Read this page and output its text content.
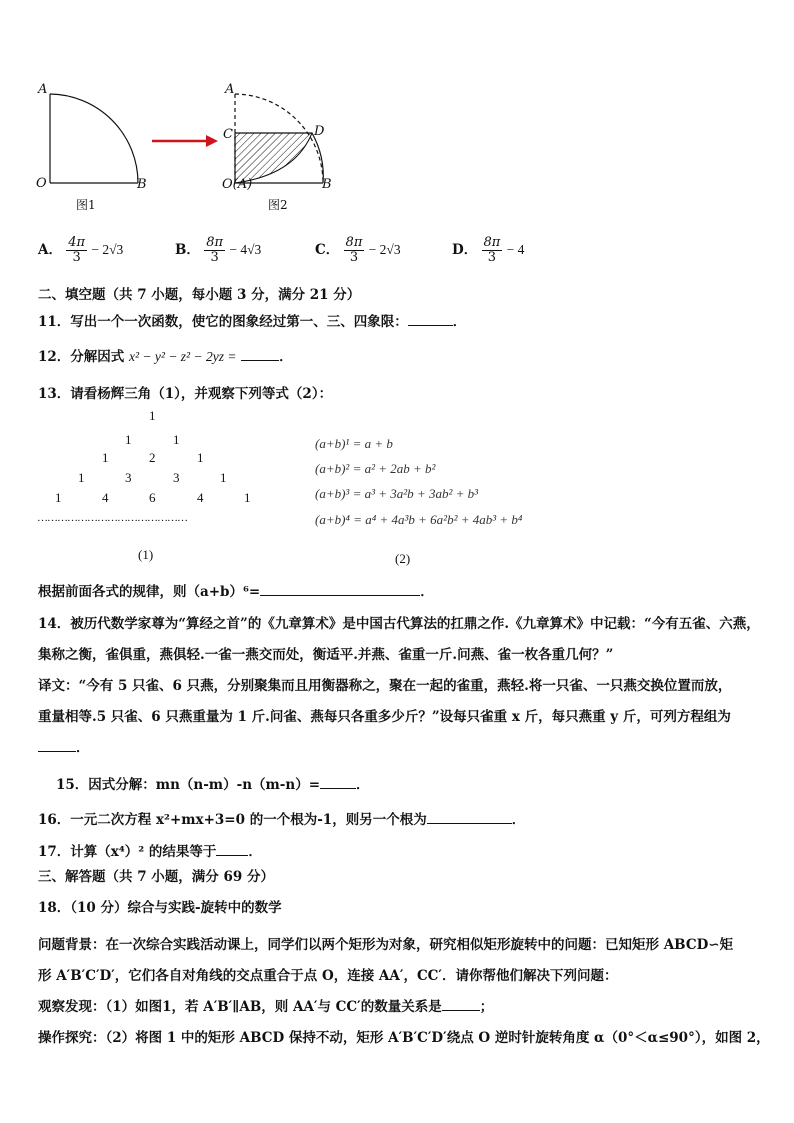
A
O	B
图1
A
C	D
O(A)	B
图2
A． $\frac{4\pi}{3} - 2√3$	B． $\frac{8\pi}{3} - 4√3$	C． $\frac{8\pi}{3} - 2√3$	D． $\frac{8\pi}{3} - 4$
二、填空题（共 7 小题，每小题 3 分，满分 21 分）
11．写出一个一次函数，使它的图象经过第一、三、四象限：	．
12．分解因式 x² − y² − z² − 2yz =	．
13．请看杨辉三角（1），并观察下列等式（2）：
1
1	1
1	2	1
1	3	3	1
1	4	6	4	1
………………………………………
(1)	(2)
(a+b)¹ = a + b
(a+b)² = a² + 2ab + b²
(a+b)³ = a³ + 3a²b + 3ab² + b³
(a+b)⁴ = a⁴ + 4a³b + 6a²b² + 4ab³ + b⁴
根据前面各式的规律，则（a+b）⁶=	．
14．被历代数学家尊为“算经之首”的《九章算术》是中国古代算法的扛鼎之作.《九章算术》中记载：“今有五雀、六燕，
集称之衡，雀俱重，燕俱轻.一雀一燕交而处，衡适平.并燕、雀重一斤.问燕、雀一枚各重几何？”
译文：“今有 5 只雀、6 只燕，分别聚集而且用衡器称之，聚在一起的雀重，燕轻.将一只雀、一只燕交换位置而放，
重量相等.5 只雀、6 只燕重量为 1 斤.问雀、燕每只各重多少斤？”设每只雀重 x 斤，每只燕重 y 斤，可列方程组为
．
15．因式分解：mn（n-m）-n（m-n）=	．
16．一元二次方程 x²+mx+3=0 的一个根为-1，则另一个根为	．
17．计算（x⁴）² 的结果等于 ．
三、解答题（共 7 小题，满分 69 分）
18．（10 分）综合与实践-旋转中的数学
问题背景：在一次综合实践活动课上，同学们以两个矩形为对象，研究相似矩形旋转中的问题：已知矩形 ABCD∽矩
形 A′B′C′D′，它们各自对角线的交点重合于点 O，连接 AA′，CC′．请你帮他们解决下列问题：
观察发现：（1）如图1，若 A′B′∥AB，则 AA′与 CC′的数量关系是	；
操作探究：（2）将图 1 中的矩形 ABCD 保持不动，矩形 A′B′C′D′绕点 O 逆时针旋转角度 α（0°＜α≤90°），如图 2，
